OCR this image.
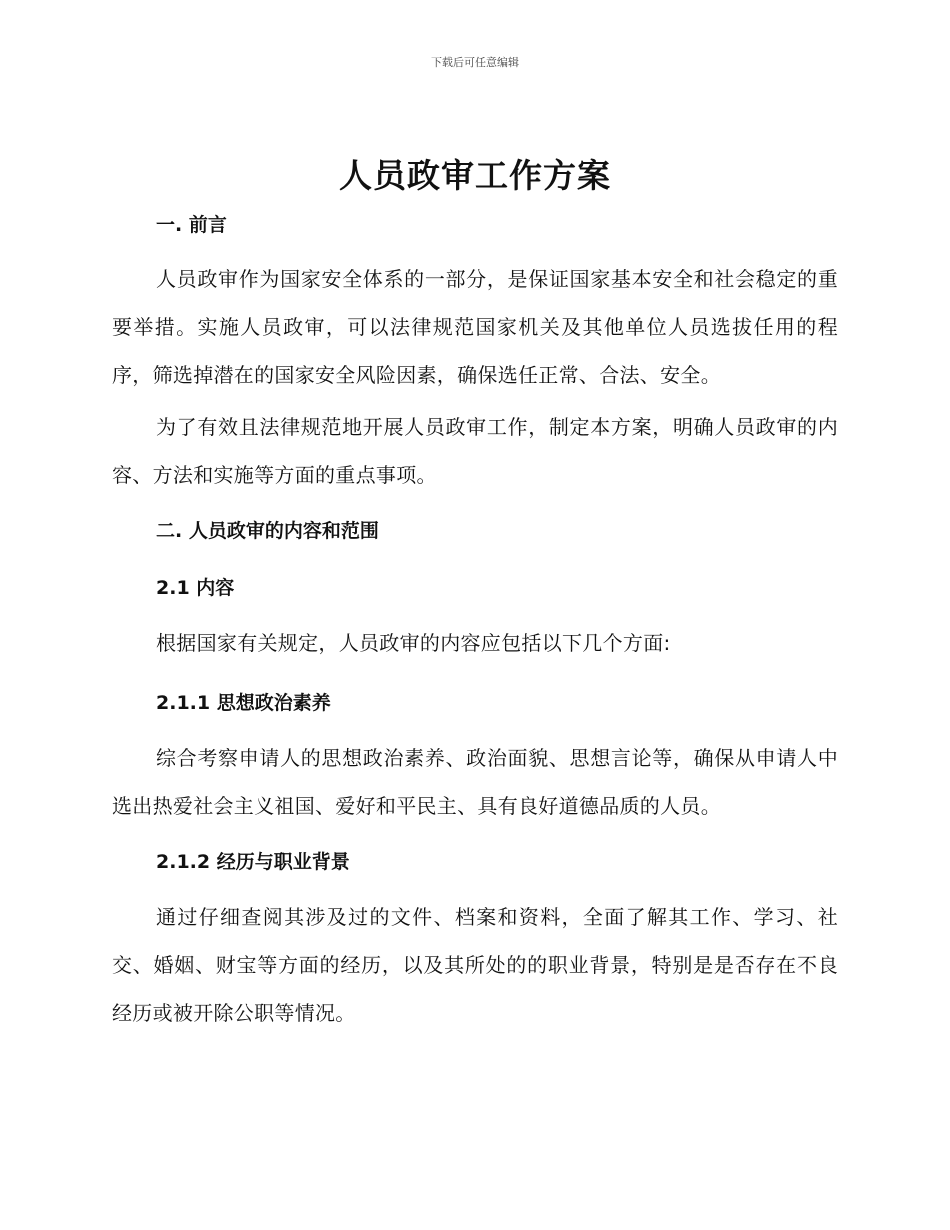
下载后可任意编辑
人员政审工作方案
一. 前言
人员政审作为国家安全体系的一部分，是保证国家基本安全和社会稳定的重要举措。实施人员政审，可以法律规范国家机关及其他单位人员选拔任用的程序，筛选掉潜在的国家安全风险因素，确保选任正常、合法、安全。
为了有效且法律规范地开展人员政审工作，制定本方案，明确人员政审的内容、方法和实施等方面的重点事项。
二. 人员政审的内容和范围
2.1 内容
根据国家有关规定，人员政审的内容应包括以下几个方面:
2.1.1 思想政治素养
综合考察申请人的思想政治素养、政治面貌、思想言论等，确保从申请人中选出热爱社会主义祖国、爱好和平民主、具有良好道德品质的人员。
2.1.2 经历与职业背景
通过仔细查阅其涉及过的文件、档案和资料，全面了解其工作、学习、社交、婚姻、财宝等方面的经历，以及其所处的的职业背景，特别是是否存在不良经历或被开除公职等情况。
